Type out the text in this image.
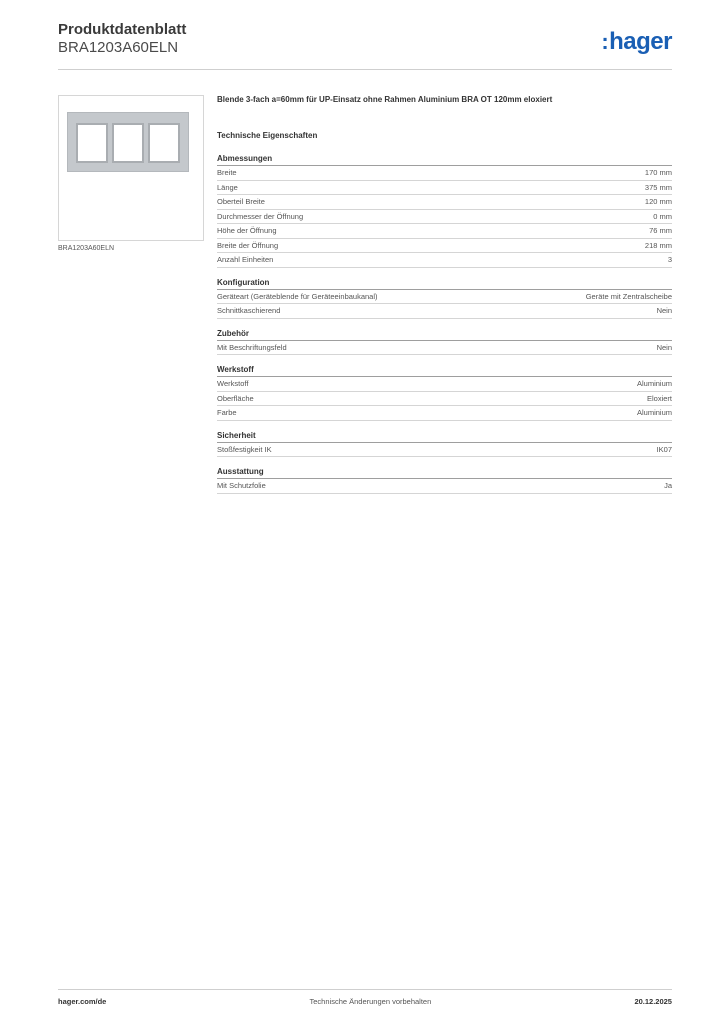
Produktdatenblatt
BRA1203A60ELN	:hager
BRA1203A60ELN
Blende 3-fach a=60mm für UP-Einsatz ohne Rahmen Aluminium BRA OT 120mm eloxiert
Technische Eigenschaften
Abmessungen
Breite	170 mm
Länge	375 mm
Oberteil Breite	120 mm
Durchmesser der Öffnung	0 mm
Höhe der Öffnung	76 mm
Breite der Öffnung	218 mm
Anzahl Einheiten	3
Konfiguration
Geräteart (Geräteblende für Geräteeinbaukanal)	Geräte mit Zentralscheibe
Schnittkaschierend	Nein
Zubehör
Mit Beschriftungsfeld	Nein
Werkstoff
Werkstoff	Aluminium
Oberfläche	Eloxiert
Farbe	Aluminium
Sicherheit
Stoßfestigkeit IK	IK07
Ausstattung
Mit Schutzfolie	Ja
hager.com/de	Technische Änderungen vorbehalten	20.12.2025
